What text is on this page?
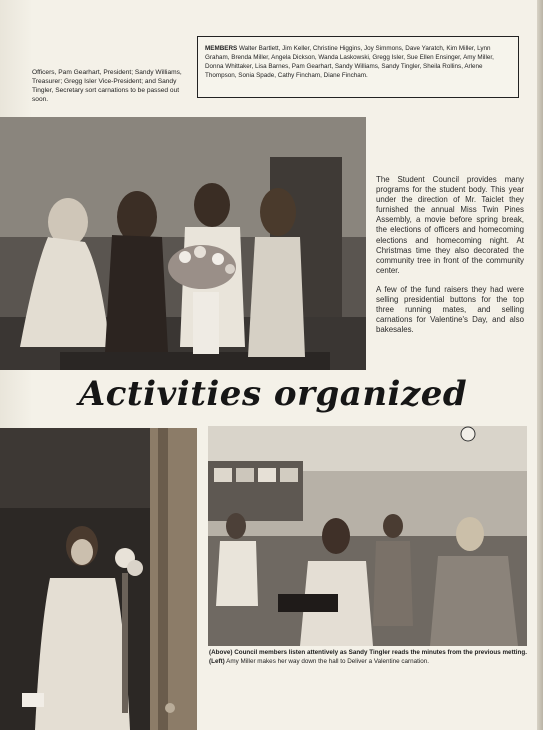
Officers, Pam Gearhart, President; Sandy Williams, Treasurer; Gregg Isler Vice-President; and Sandy Tingler, Secretary sort carnations to be passed out soon.
MEMBERS Walter Bartlett, Jim Keller, Christine Higgins, Joy Simmons, Dave Yaratch, Kim Miller, Lynn Graham, Brenda Miller, Angela Dickson, Wanda Laskowski, Gregg Isler, Sue Ellen Ensinger, Amy Miller, Donna Whittaker, Lisa Barnes, Pam Gearhart, Sandy Williams, Sandy Tingler, Sheila Rollins, Arlene Thompson, Sonia Spade, Cathy Fincham, Diane Fincham.

The Student Council provides many programs for the student body. This year under the direction of Mr. Taiclet they furnished the annual Miss Twin Pines Assembly, a movie before spring break, the elections of officers and homecoming elections and homecoming night. At Christmas time they also decorated the community tree in front of the community center.

A few of the fund raisers they had were selling presidential buttons for the top three running mates, and selling carnations for Valentine's Day, and also bakesales.

Activities organized
(Above) Council members listen attentively as Sandy Tingler reads the minutes from the previous metting. (Left) Amy Miller makes her way down the hall to Deliver a Valentine carnation.
